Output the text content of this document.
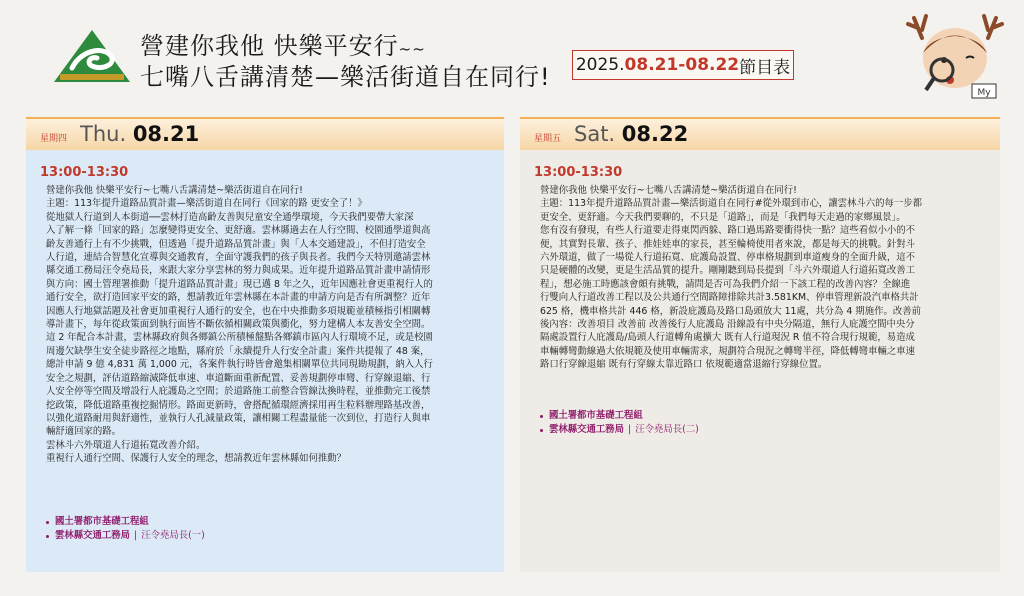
營建你我他 快樂平安行~~
七嘴八舌講清楚—樂活街道自在同行! 2025. 08.21-08.22 節目表
My
星期四 Thu. 08.21
13:00-13:30
營建你我他 快樂平安行~七嘴八舌講清楚~樂活街道自在同行!
主題：113年提升道路品質計畫—樂活街道自在同行《回家的路 更安全了！》
從地獄人行道到人本街道──雲林打造高齡友善與兒童安全通學環境，今天我們要帶大家深
入了解一條「回家的路」怎麼變得更安全、更舒適。雲林縣過去在人行空間、校園通學道與高
齡友善通行上有不少挑戰，但透過「提升道路品質計畫」與「人本交通建設」，不但打造安全
人行道，連結合智慧化宣導與交通教育，全面守護我們的孩子與長者。我們今天特別邀請雲林
縣交通工務局汪令堯局長，來跟大家分享雲林的努力與成果。近年提升道路品質計畫申請情形
與方向：國土管理署推動「提升道路品質計畫」現已邁 8 年之久，近年因應社會更重視行人的
通行安全，欲打造回家平安的路，想請教近年雲林縣在本計畫的申請方向是否有所調整？近年
因應人行地獄話題及社會更加重視行人通行的安全，也在中央推動多項規範並積極指引相關轉
導計畫下，每年從政策面到執行面皆不斷依循相關政策與衝化，努力建構人本友善安全空間。
這 2 年配合本計畫，雲林縣政府與各鄉鎮公所積極盤點各鄉鎮市區內人行環境不足，或是校園
周邊欠缺學生安全徒步路徑之地點，縣府於「永續提升人行安全計畫」案件共提報了 48 案，
總計申請 9 億 4,831 萬 1,000 元，各案件執行時皆會邀集相關單位共同現勘規劃，納入人行
安全之規劃，評估道路縮減降低車速、車道斷面重新配置、妥善規劃停車彎、行穿線退縮、行
人安全停等空間及增設行人庇護島之空間；於道路施工前整合管線汰換時程，並推動完工後禁
挖政策，降低道路重複挖掘情形。路面更新時，會搭配循環經濟採用再生粒料辦理路基改善，
以強化道路耐用與舒適性，並執行人孔減量政策，讓相關工程盡量能一次到位，打造行人與車
輛舒適回家的路。
雲林斗六外環道人行道拓寬改善介紹。
重視行人通行空間、保護行人安全的理念，想請教近年雲林縣如何推動？
國土署都市基礎工程組
雲林縣交通工務局 | 汪令堯局長(一)
星期五 Sat. 08.22
13:00-13:30
營建你我他 快樂平安行~七嘴八舌講清楚~樂活街道自在同行!
主題：113年提升道路品質計畫—樂活街道自在同行#從外環到市心，讓雲林斗六的每一步都
更安全、更舒適。今天我們要聊的，不只是「道路」，而是「我們每天走過的家鄉風景」。
您有沒有發現，有些人行道要走得東閃西躲、路口過馬路要衝得快一點？這些看似小小的不
便，其實對長輩、孩子、推娃娃車的家長，甚至輪椅使用者來說，都是每天的挑戰。針對斗
六外環道，做了一場從人行道拓寬、庇護島設置、停車格規劃到車道瘦身的全面升級，這不
只是硬體的改變，更是生活品質的提升。剛剛聽到局長提到「斗六外環道人行道拓寬改善工
程」，想必施工時應該會頗有挑戰，請問是否可為我們介紹一下該工程的改善內容？全線進
行雙向人行道改善工程以及公共通行空間路障排除共計3.581KM、停車管理新設汽車格共計
625 格，機車格共計 446 格，新設庇護島及路口島頭放大 11處，共分為 4 期施作。改善前
後內容：改善項目 改善前 改善後行人庇護島 沿線設有中央分隔道，無行人庇護空間中央分
隔處設置行人庇護島/島頭人行道轉角處擴大 既有人行道現況 R 值不符合現行規範，易造成
車輛轉彎動線過大依規範及使用車輛需求，規劃符合現況之轉彎半徑，降低轉彎車輛之車速
路口行穿線退縮 既有行穿線太靠近路口 依規範適當退縮行穿線位置。
國土署都市基礎工程組
雲林縣交通工務局 | 汪令堯局長(二)
